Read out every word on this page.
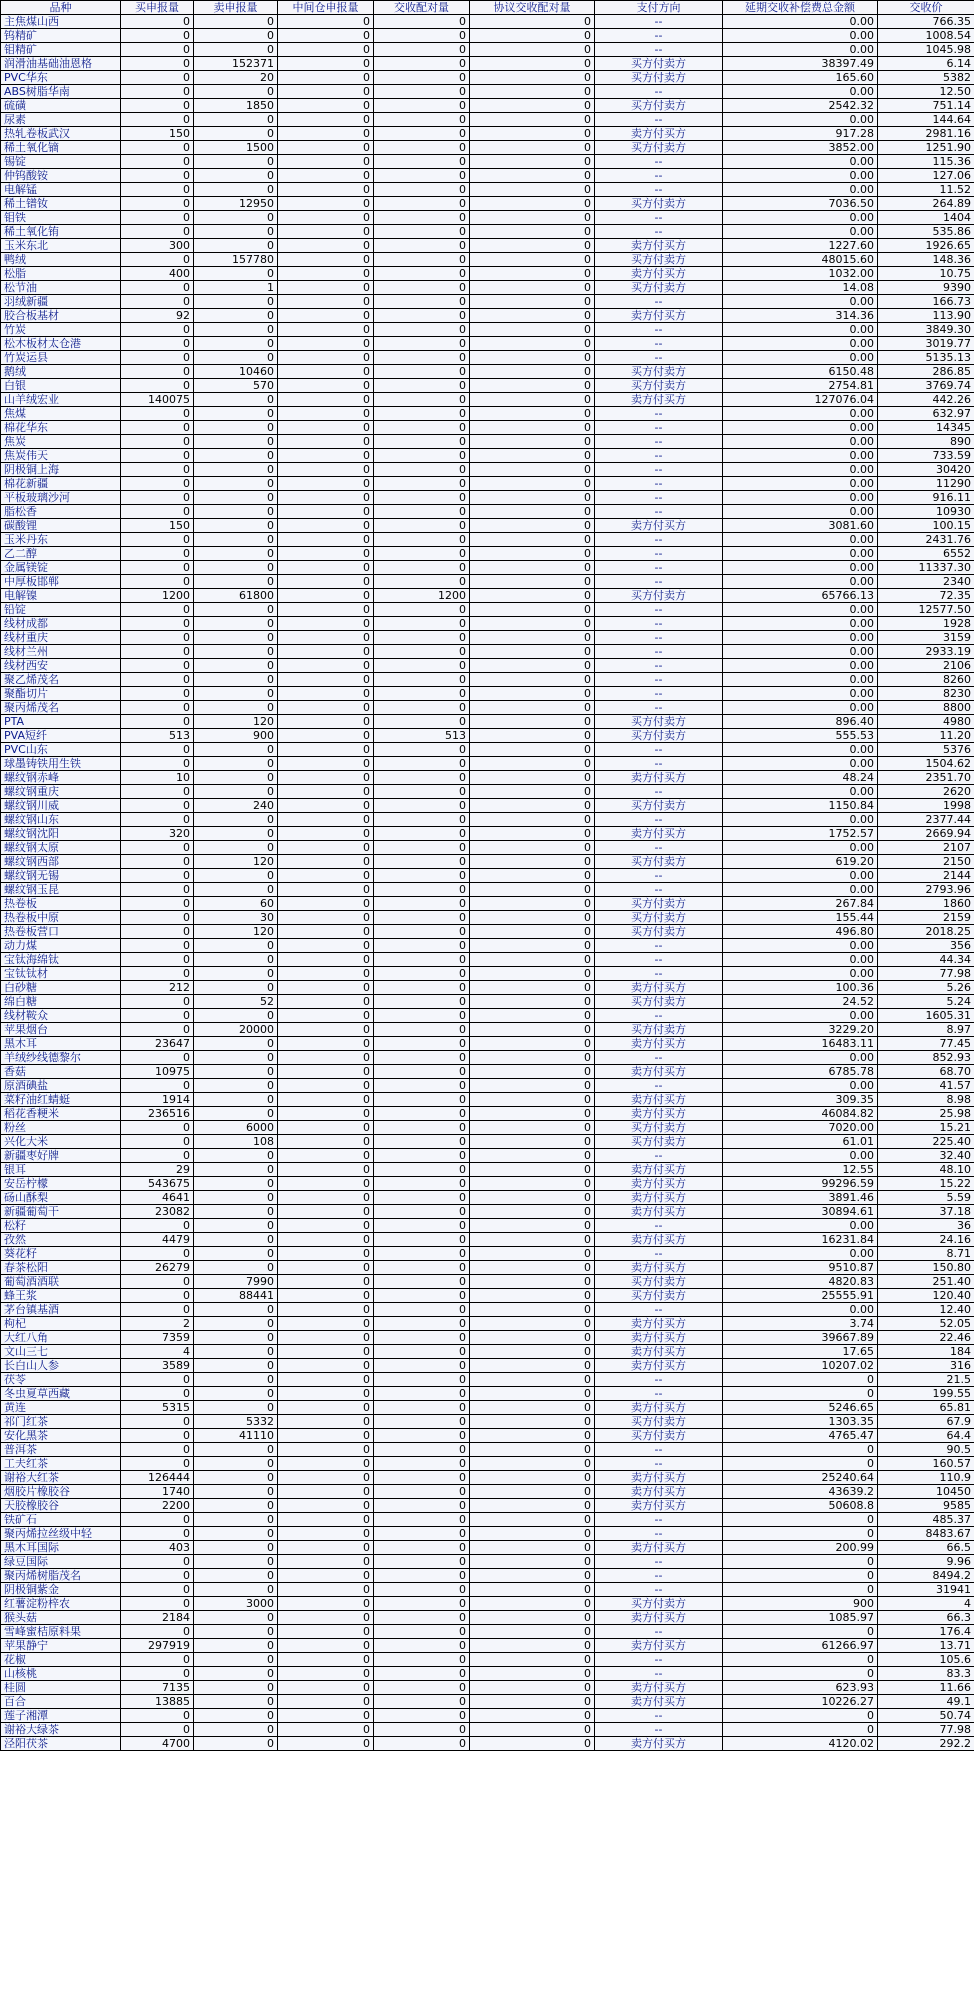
品种	买申报量	卖申报量	中间仓申报量	交收配对量	协议交收配对量	支付方向	延期交收补偿费总金额	交收价
主焦煤山西	0	0	0	0	0	--	0.00	766.35
钨精矿	0	0	0	0	0	--	0.00	1008.54
钼精矿	0	0	0	0	0	--	0.00	1045.98
润滑油基础油恩格	0	152371	0	0	0	买方付卖方	38397.49	6.14
PVC华东	0	20	0	0	0	买方付卖方	165.60	5382
ABS树脂华南	0	0	0	0	0	--	0.00	12.50
硫磺	0	1850	0	0	0	买方付卖方	2542.32	751.14
尿素	0	0	0	0	0	--	0.00	144.64
热轧卷板武汉	150	0	0	0	0	卖方付买方	917.28	2981.16
稀土氧化镝	0	1500	0	0	0	买方付卖方	3852.00	1251.90
锡锭	0	0	0	0	0	--	0.00	115.36
仲钨酸铵	0	0	0	0	0	--	0.00	127.06
电解锰	0	0	0	0	0	--	0.00	11.52
稀土镨钕	0	12950	0	0	0	买方付卖方	7036.50	264.89
钼铁	0	0	0	0	0	--	0.00	1404
稀土氧化铕	0	0	0	0	0	--	0.00	535.86
玉米东北	300	0	0	0	0	卖方付买方	1227.60	1926.65
鸭绒	0	157780	0	0	0	买方付卖方	48015.60	148.36
松脂	400	0	0	0	0	卖方付买方	1032.00	10.75
松节油	0	1	0	0	0	买方付卖方	14.08	9390
羽绒新疆	0	0	0	0	0	--	0.00	166.73
胶合板基材	92	0	0	0	0	卖方付买方	314.36	113.90
竹炭	0	0	0	0	0	--	0.00	3849.30
松木板材太仓港	0	0	0	0	0	--	0.00	3019.77
竹炭运县	0	0	0	0	0	--	0.00	5135.13
鹅绒	0	10460	0	0	0	买方付卖方	6150.48	286.85
白银	0	570	0	0	0	买方付卖方	2754.81	3769.74
山羊绒宏业	140075	0	0	0	0	卖方付买方	127076.04	442.26
焦煤	0	0	0	0	0	--	0.00	632.97
棉花华东	0	0	0	0	0	--	0.00	14345
焦炭	0	0	0	0	0	--	0.00	890
焦炭伟天	0	0	0	0	0	--	0.00	733.59
阴极铜上海	0	0	0	0	0	--	0.00	30420
棉花新疆	0	0	0	0	0	--	0.00	11290
平板玻璃沙河	0	0	0	0	0	--	0.00	916.11
脂松香	0	0	0	0	0	--	0.00	10930
碳酸锂	150	0	0	0	0	卖方付买方	3081.60	100.15
玉米丹东	0	0	0	0	0	--	0.00	2431.76
乙二醇	0	0	0	0	0	--	0.00	6552
金属镁锭	0	0	0	0	0	--	0.00	11337.30
中厚板邯郸	0	0	0	0	0	--	0.00	2340
电解镍	1200	61800	0	1200	0	买方付卖方	65766.13	72.35
铅锭	0	0	0	0	0	--	0.00	12577.50
线材成都	0	0	0	0	0	--	0.00	1928
线材重庆	0	0	0	0	0	--	0.00	3159
线材兰州	0	0	0	0	0	--	0.00	2933.19
线材西安	0	0	0	0	0	--	0.00	2106
聚乙烯茂名	0	0	0	0	0	--	0.00	8260
聚酯切片	0	0	0	0	0	--	0.00	8230
聚丙烯茂名	0	0	0	0	0	--	0.00	8800
PTA	0	120	0	0	0	买方付卖方	896.40	4980
PVA短纤	513	900	0	513	0	买方付卖方	555.53	11.20
PVC山东	0	0	0	0	0	--	0.00	5376
球墨铸铁用生铁	0	0	0	0	0	--	0.00	1504.62
螺纹钢赤峰	10	0	0	0	0	卖方付买方	48.24	2351.70
螺纹钢重庆	0	0	0	0	0	--	0.00	2620
螺纹钢川威	0	240	0	0	0	买方付卖方	1150.84	1998
螺纹钢山东	0	0	0	0	0	--	0.00	2377.44
螺纹钢沈阳	320	0	0	0	0	卖方付买方	1752.57	2669.94
螺纹钢太原	0	0	0	0	0	--	0.00	2107
螺纹钢西部	0	120	0	0	0	买方付卖方	619.20	2150
螺纹钢无锡	0	0	0	0	0	--	0.00	2144
螺纹钢玉昆	0	0	0	0	0	--	0.00	2793.96
热卷板	0	60	0	0	0	买方付卖方	267.84	1860
热卷板中原	0	30	0	0	0	买方付卖方	155.44	2159
热卷板营口	0	120	0	0	0	买方付卖方	496.80	2018.25
动力煤	0	0	0	0	0	--	0.00	356
宝钛海绵钛	0	0	0	0	0	--	0.00	44.34
宝钛钛材	0	0	0	0	0	--	0.00	77.98
白砂糖	212	0	0	0	0	卖方付买方	100.36	5.26
绵白糖	0	52	0	0	0	买方付卖方	24.52	5.24
线材鞍众	0	0	0	0	0	--	0.00	1605.31
苹果烟台	0	20000	0	0	0	买方付卖方	3229.20	8.97
黑木耳	23647	0	0	0	0	卖方付买方	16483.11	77.45
羊绒纱线德黎尔	0	0	0	0	0	--	0.00	852.93
香菇	10975	0	0	0	0	卖方付买方	6785.78	68.70
原酒碘盐	0	0	0	0	0	--	0.00	41.57
菜籽油红蜻蜓	1914	0	0	0	0	卖方付买方	309.35	8.98
稻花香粳米	236516	0	0	0	0	卖方付买方	46084.82	25.98
粉丝	0	6000	0	0	0	买方付卖方	7020.00	15.21
兴化大米	0	108	0	0	0	买方付卖方	61.01	225.40
新疆枣好牌	0	0	0	0	0	--	0.00	32.40
银耳	29	0	0	0	0	卖方付买方	12.55	48.10
安岳柠檬	543675	0	0	0	0	卖方付买方	99296.59	15.22
砀山酥梨	4641	0	0	0	0	卖方付买方	3891.46	5.59
新疆葡萄干	23082	0	0	0	0	卖方付买方	30894.61	37.18
松籽	0	0	0	0	0	--	0.00	36
孜然	4479	0	0	0	0	卖方付买方	16231.84	24.16
葵花籽	0	0	0	0	0	--	0.00	8.71
春茶松阳	26279	0	0	0	0	卖方付买方	9510.87	150.80
葡萄酒酒联	0	7990	0	0	0	买方付卖方	4820.83	251.40
蜂王浆	0	88441	0	0	0	买方付卖方	25555.91	120.40
茅台镇基酒	0	0	0	0	0	--	0.00	12.40
枸杞	2	0	0	0	0	卖方付买方	3.74	52.05
大红八角	7359	0	0	0	0	卖方付买方	39667.89	22.46
文山三七	4	0	0	0	0	卖方付买方	17.65	184
长白山人参	3589	0	0	0	0	卖方付买方	10207.02	316
茯苓	0	0	0	0	0	--	0	21.5
冬虫夏草西藏	0	0	0	0	0	--	0	199.55
黄连	5315	0	0	0	0	卖方付买方	5246.65	65.81
祁门红茶	0	5332	0	0	0	买方付卖方	1303.35	67.9
安化黑茶	0	41110	0	0	0	买方付卖方	4765.47	64.4
普洱茶	0	0	0	0	0	--	0	90.5
工夫红茶	0	0	0	0	0	--	0	160.57
谢裕大红茶	126444	0	0	0	0	卖方付买方	25240.64	110.9
烟胶片橡胶谷	1740	0	0	0	0	卖方付买方	43639.2	10450
天胶橡胶谷	2200	0	0	0	0	卖方付买方	50608.8	9585
铁矿石	0	0	0	0	0	--	0	485.37
聚丙烯拉丝级中轻	0	0	0	0	0	--	0	8483.67
黑木耳国际	403	0	0	0	0	卖方付买方	200.99	66.5
绿豆国际	0	0	0	0	0	--	0	9.96
聚丙烯树脂茂名	0	0	0	0	0	--	0	8494.2
阴极铜紫金	0	0	0	0	0	--	0	31941
红薯淀粉梓农	0	3000	0	0	0	买方付卖方	900	4
猴头菇	2184	0	0	0	0	卖方付买方	1085.97	66.3
雪峰蜜桔原料果	0	0	0	0	0	--	0	176.4
苹果静宁	297919	0	0	0	0	卖方付买方	61266.97	13.71
花椒	0	0	0	0	0	--	0	105.6
山核桃	0	0	0	0	0	--	0	83.3
桂圆	7135	0	0	0	0	卖方付买方	623.93	11.66
百合	13885	0	0	0	0	卖方付买方	10226.27	49.1
莲子湘潭	0	0	0	0	0	--	0	50.74
谢裕大绿茶	0	0	0	0	0	--	0	77.98
泾阳茯茶	4700	0	0	0	0	卖方付买方	4120.02	292.2
